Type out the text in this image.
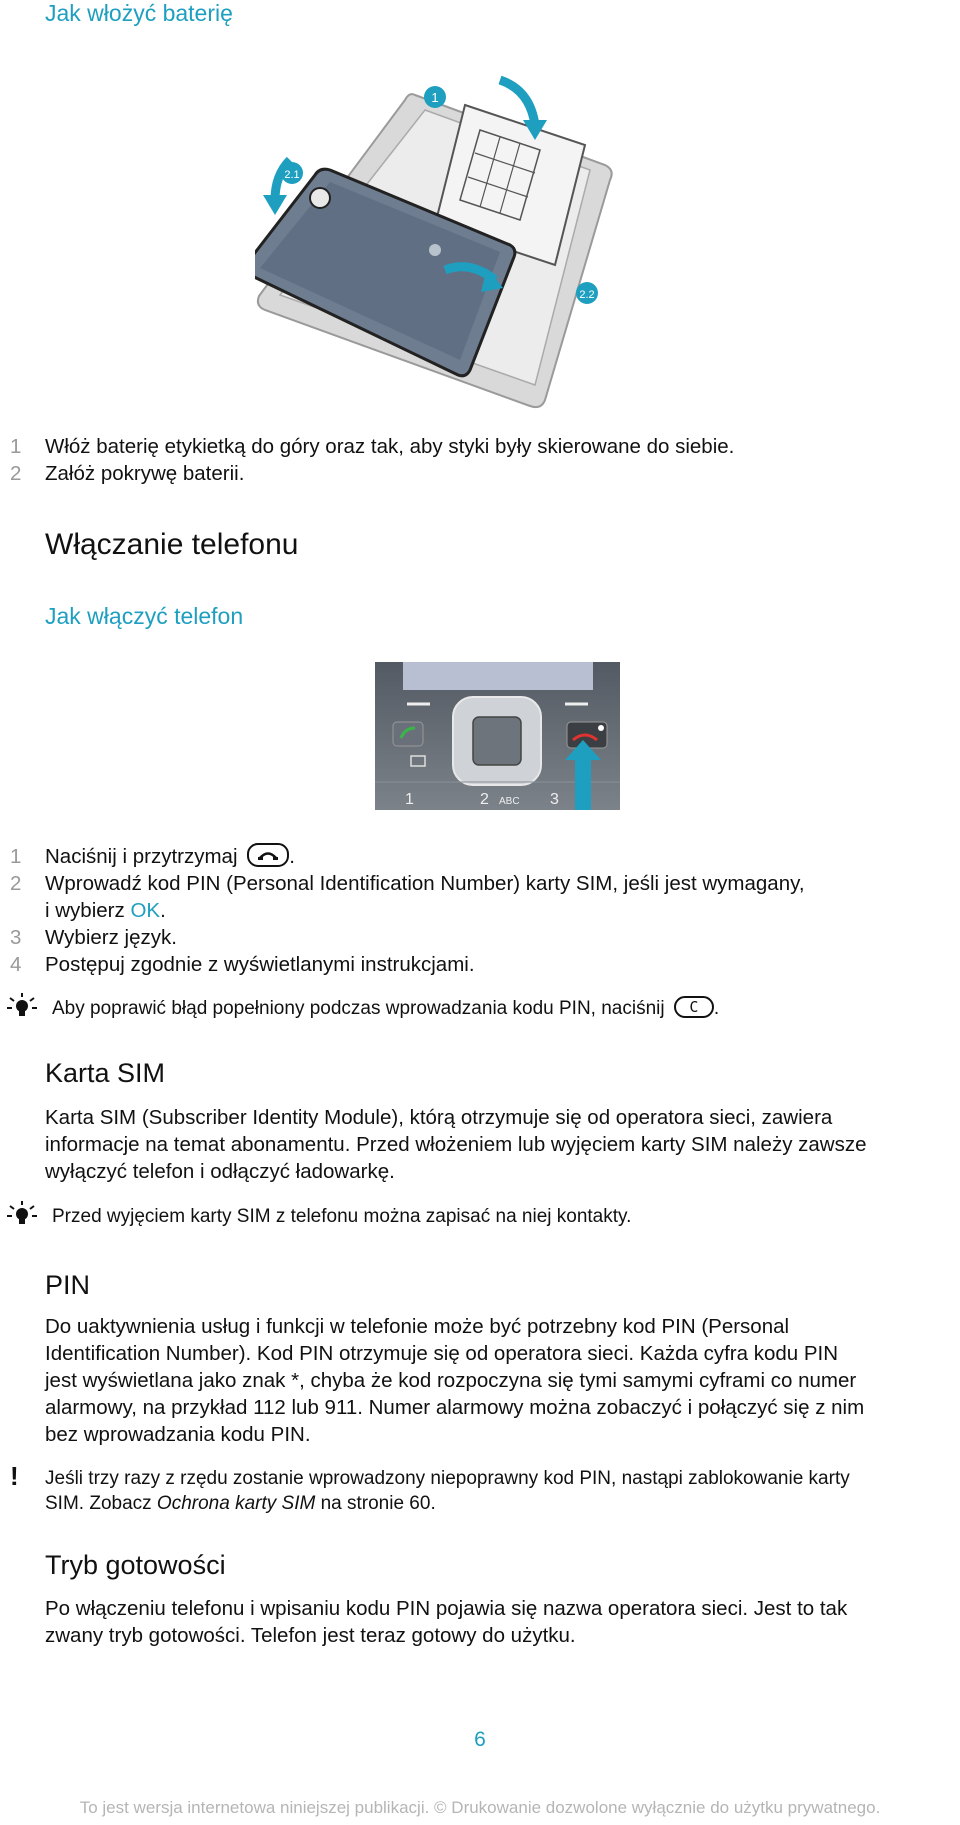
Jak włożyć baterię
1
2.1
2.2
1 Włóż baterię etykietką do góry oraz tak, aby styki były skierowane do siebie.
2 Załóż pokrywę baterii.
Włączanie telefonu
Jak włączyć telefon
1	2 ABC 3
1 Naciśnij i przytrzymaj	.
2 Wprowadź kod PIN (Personal Identification Number) karty SIM, jeśli jest wymagany,
i wybierz OK.
3 Wybierz język.
4 Postępuj zgodnie z wyświetlanymi instrukcjami.
Aby poprawić błąd popełniony podczas wprowadzania kodu PIN, naciśnij	C .
Karta SIM
Karta SIM (Subscriber Identity Module), którą otrzymuje się od operatora sieci, zawiera
informacje na temat abonamentu. Przed włożeniem lub wyjęciem karty SIM należy zawsze
wyłączyć telefon i odłączyć ładowarkę.
Przed wyjęciem karty SIM z telefonu można zapisać na niej kontakty.
PIN
Do uaktywnienia usług i funkcji w telefonie może być potrzebny kod PIN (Personal
Identification Number). Kod PIN otrzymuje się od operatora sieci. Każda cyfra kodu PIN
jest wyświetlana jako znak *, chyba że kod rozpoczyna się tymi samymi cyframi co numer
alarmowy, na przykład 112 lub 911. Numer alarmowy można zobaczyć i połączyć się z nim
bez wprowadzania kodu PIN.
! Jeśli trzy razy z rzędu zostanie wprowadzony niepoprawny kod PIN, nastąpi zablokowanie karty
SIM. Zobacz Ochrona karty SIM na stronie 60.
Tryb gotowości
Po włączeniu telefonu i wpisaniu kodu PIN pojawia się nazwa operatora sieci. Jest to tak
zwany tryb gotowości. Telefon jest teraz gotowy do użytku.
6
To jest wersja internetowa niniejszej publikacji. © Drukowanie dozwolone wyłącznie do użytku prywatnego.
